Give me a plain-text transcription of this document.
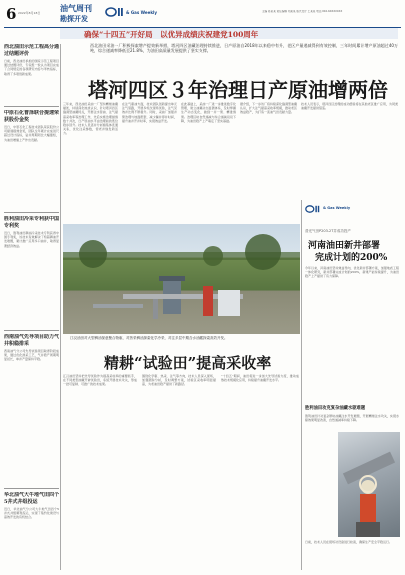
6 2022年8月18日 油气周刊
勘探开发
& Gas Weekly	主编 陈某某 责任编辑 刘某某 版式设计 王某某 电话 010-6XXXXXXX
确保“十四五”开好局　以优异成绩庆祝建党100周年
西北油田示范工程高分通过结题评价
日前，西北油田承担的国家示范工程项目通过结题评价，专家组一致认为项目完成了合同规定的各项研究内容与考核指标，取得了多项创新成果。
中原石化普泽联合提速荣获股份金奖
近日，中原石化工程技术团队荣获股份公司提速提效金奖，团队全年累计完成进尺超过设计指标，钻井周期同比大幅缩短，为油田增储上产作出贡献。
胜利油田冷采专利获中国专利奖
近日，胜利油田稠油冷采技术专利获得中国专利奖，该技术有效解决了特超稠油开发难题，累计推广应用多口油井，取得显著经济效益。
西南油气先导项目助力气井积稳排采
西南油气分公司先导试验项目取得阶段成果，通过优化排采工艺，气井稳产周期明显延长，单井产量保持平稳。
华北油气大牛地气田四个5井式井组投运
近日，华北油气分公司大牛地气田四个5井式井组顺利投运，实现了集约化建设与高效开发的有机结合。
西北油田采油一厂积极探索增产提效新举措，塔河四区油藏治理持续推进，日产原油自2018年以来稳中有升，老区产量递减得到有效控制，三年时间累计增产原油超过40万吨，综合递减率降低至21.8%，为油田高质量发展提供了坚实支撑。
塔河四区３年治理日产原油增两倍
三年来，西北油田采油一厂坚持精细油藏描述，持续深化地质认识，针对塔河四区缝洞型油藏特点，开展注水替油、注气提高采收率等治理工作，先后实施治理措施数十井次，日产原油水平由治理前的低位稳步回升。技术人员逐井分析储集体连通关系，优化注采参数，使老井焕发新活力。
在注气驱油方面，技术团队创新提出单元注气思路，开展多轮次现场试验，注气见效井比例不断提升。同时，采油厂加强井筒治理与地面配套，减少躺井停井时间，提升油井开井时率，实现效益开发。
在此基础上，采油一厂进一步推进数字化管理，建立油藏动态监测体系，及时掌握生产动态变化，做到一井一策、精准施策。治理区块自然递减与综合递减双双下降，为油田稳产上产奠定了坚实基础。
据介绍，下一步该厂将持续深化缝洞型油藏认识，扩大注气提高采收率规模，推动老区效益稳产，为打造一流油气田贡献力量。
技术人员表示，塔河四区治理的成功经验将在其他老区推广应用，为同类油藏开发提供借鉴。
江汉油田对大型稠油採意聚合物驱，对热采稠油探索化学冷采，对注多层中期含水油藏探索高效开发。
精耕“试验田”提高采收率
江汉油田坚持把先导试验作为提高采收率的重要抓手，在不同类型油藏开辟试验田，系统开展技术攻关，形成一批可复制、可推广的技术成果。
围绕化学驱、热采、注气等方向，技术人员深入现场，加强跟踪分析，及时调整方案，试验区采收率明显提高，为老油田稳产提供了新路径。
“十四五”期间，油田将进一步加大先导试验力度，推动成熟技术规模化应用，持续提升油藏开发水平。
& Gas Weekly
普光气田P203-2T井成功投产
河南油田新井部署
完成计划的200%
今年以来，河南油田坚持效益导向，优化新井部署方案，加强地质工程一体化研究，新井部署完成计划的200%，新建产能持续提升，为油田稳产上产提供了有力保障。
胜利油田攻克复杂油藏水驱难题
胜利油田针对复杂断块油藏注水开发难题，开展精细注水攻关，实现水驱效果明显改善，自然递减率持续下降。
日前，技术人员在现场对设备进行检查，确保生产安全平稳运行。
